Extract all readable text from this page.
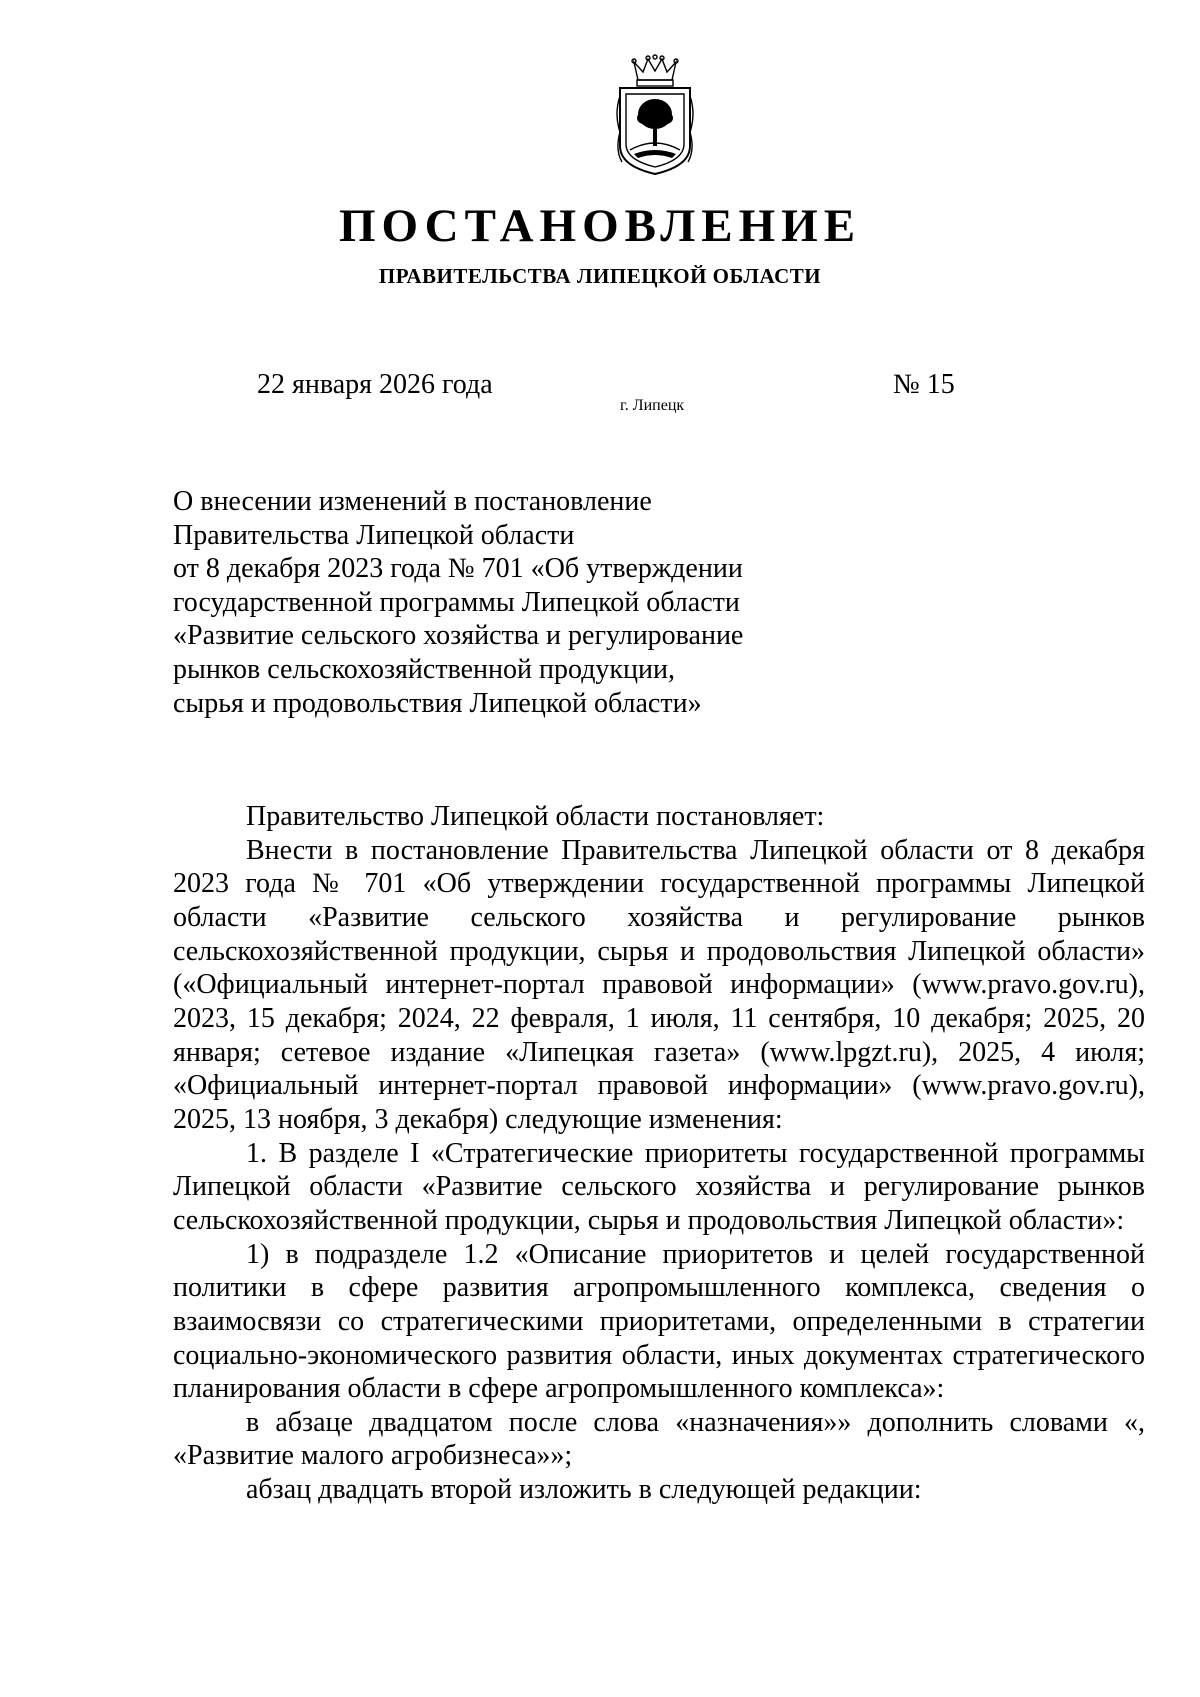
ПОСТАНОВЛЕНИЕ
ПРАВИТЕЛЬСТВА ЛИПЕЦКОЙ ОБЛАСТИ
22 января 2026 года
г. Липецк
№ 15
О внесении изменений в постановление
Правительства Липецкой области
от 8 декабря 2023 года № 701 «Об утверждении
государственной программы Липецкой области
«Развитие сельского хозяйства и регулирование
рынков сельскохозяйственной продукции,
сырья и продовольствия Липецкой области»
Правительство Липецкой области постановляет:
Внести в постановление Правительства Липецкой области от 8 декабря 2023 года № 701 «Об утверждении государственной программы Липецкой области «Развитие сельского хозяйства и регулирование рынков сельскохозяйственной продукции, сырья и продовольствия Липецкой области» («Официальный интернет-портал правовой информации» (www.pravo.gov.ru), 2023, 15 декабря; 2024, 22 февраля, 1 июля, 11 сентября, 10 декабря; 2025, 20 января; сетевое издание «Липецкая газета» (www.lpgzt.ru), 2025, 4 июля; «Официальный интернет-портал правовой информации» (www.pravo.gov.ru), 2025, 13 ноября, 3 декабря) следующие изменения:
1. В разделе I «Стратегические приоритеты государственной программы Липецкой области «Развитие сельского хозяйства и регулирование рынков сельскохозяйственной продукции, сырья и продовольствия Липецкой области»:
1) в подразделе 1.2 «Описание приоритетов и целей государственной политики в сфере развития агропромышленного комплекса, сведения о взаимосвязи со стратегическими приоритетами, определенными в стратегии социально-экономического развития области, иных документах стратегического планирования области в сфере агропромышленного комплекса»:
в абзаце двадцатом после слова «назначения»» дополнить словами «, «Развитие малого агробизнеса»»;
абзац двадцать второй изложить в следующей редакции:
